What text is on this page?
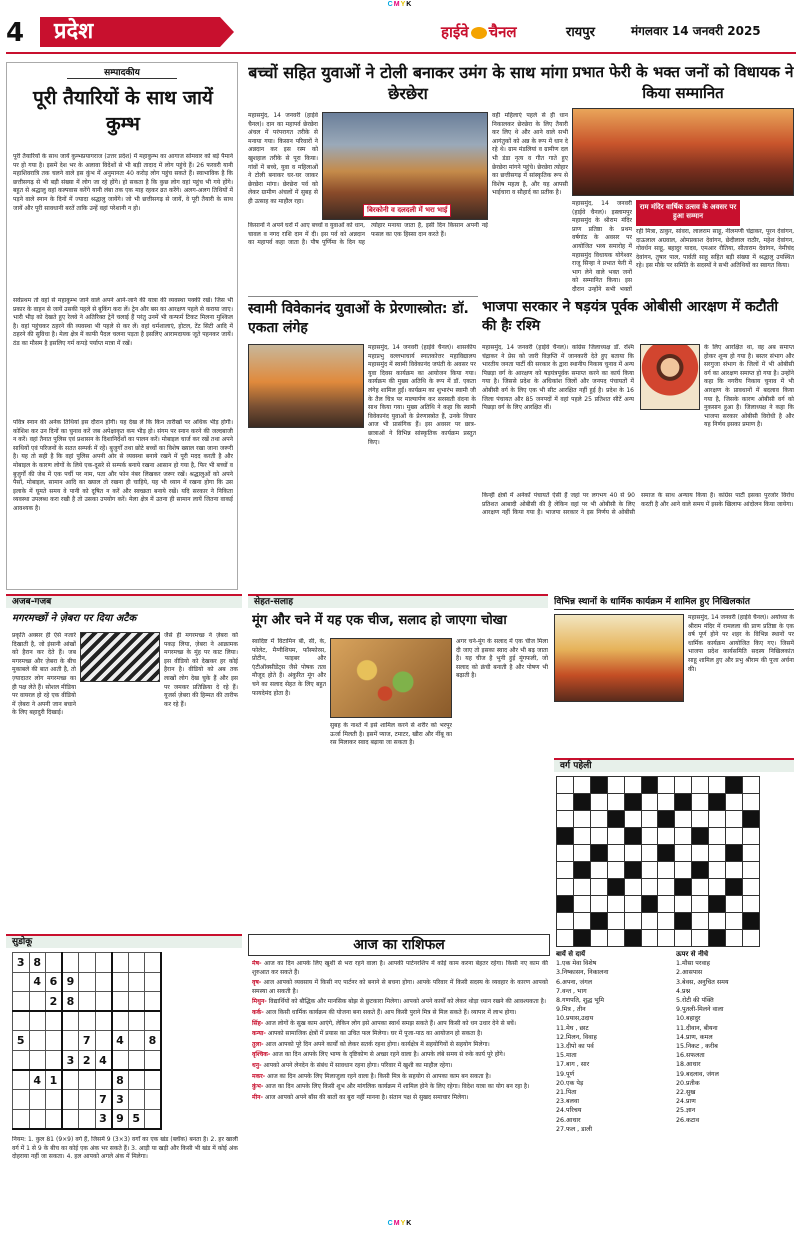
CMYK
4	प्रदेश	हाईवे चैनल	रायपुर	मंगलवार 14 जनवरी 2025
सम्पादकीय
पूरी तैयारियों के साथ जायें कुम्भ
पूरी तैयारियों के साथ जायें कुम्भप्रयागराज (उत्तर प्रदेश) में महाकुम्भ का आगाज सोमवार को बड़े पैमाने पर हो गया है। इसमें देश भर के अलावा विदेशों से भी बड़ी तादाद में लोग पहुंचे हैं। 26 फरवरी यानी महाशिवरात्रि तक चलने वाले इस कुंभ में अनुमानतः 40 करोड़ लोग पहुंच सकते हैं। स्वाभाविक है कि छत्तीसगढ़ से भी बड़ी संख्या में लोग जा रहे होंगे। हो सकता है कि कुछ लोग वहां पहुंच भी गये होंगे। बहुत से श्रद्धालु वहां कल्पवास करेंगे यानी लंबा तक एक माह रहकर व्रत करेंगे। अलग-अलग तिथियों में पड़ने वाले स्नान के दिनों में ज्यादा श्रद्धालु जायेंगे। जो भी छत्तीसगढ़ से जायें, वे पूरी तैयारी के साथ जायें और पूरी सावधानी बरतें ताकि उन्हें वहां परेशानी न हो।
सर्वप्रथम तो वहां से महाकुम्भ जाने वाले अपने आने-जाने की यात्रा की व्यवस्था पक्की रखें। जिस भी प्रकार के वाहन से जायें उसकी पहले से बुकिंग करा लें। ट्रेन और बस का आरक्षण पहले से कराया जाए। भारी भीड़ को देखते हुए रेलवे ने अतिरिक्त ट्रेनें चलाई हैं परंतु उनमें भी कन्फर्म टिकट मिलना मुश्किल है। वहां पहुंचकर ठहरने की व्यवस्था भी पहले से कर लें। वहां धर्मशालाएं, होटल, टेंट सिटी आदि में ठहरने की सुविधा है। मेला क्षेत्र में काफी पैदल चलना पड़ता है इसलिए आरामदायक जूते पहनकर जायें। ठंड का मौसम है इसलिए गर्म कपड़े पर्याप्त मात्रा में रखें।
पवित्र स्नान की अनेक तिथियां इस दौरान होंगी। यह देख लें कि किन तारीखों पर अधिक भीड़ होगी। कोशिश कर उन दिनों का चुनाव करें जब अपेक्षाकृत कम भीड़ हो। संगम पर स्नान करने की जल्दबाजी न करें। वहां तैनात पुलिस एवं प्रशासन के दिशानिर्देशों का पालन करें। मोबाइल चार्ज कर रखें तथा अपने साथियों एवं परिजनों के सतत सम्पर्क में रहें। बुजुर्गों तथा छोटे बच्चों का विशेष ख्याल रखा जाना जरूरी है। यह तो सही है कि वहां पुलिस अपनी ओर से व्यवस्था बनाये रखने में पूरी मदद करती है और मोबाइल के कारण लोगों के लिये एक-दूसरे से सम्पर्क बनाये रखना आसान हो गया है, फिर भी बच्चों व बुजुर्गों की जेब में एक पर्ची पर नाम, पता और फोन नंबर लिखकर जरूर रखें। श्रद्धालुओं को अपने पैसों, मोबाइल, सामान आदि का ख्याल तो रखना ही चाहिये, यह भी ध्यान में रखना होगा कि उस इलाके में घूमते समय वे पानी को दूषित न करें और स्वच्छता बनाये रखें। यदि सरकार ने निकिता व्यवस्था उपलब्ध करा रखी है तो उसका उपयोग करें। मेला क्षेत्र में उतना ही सामान लायें जितना वाकई आवश्यक है।
बच्चों सहित युवाओं ने टोली बनाकर उमंग के साथ मांगा छेरछेरा
महासमुंद, 14 जनवरी (हाईवे चैनल)। दान का महापर्व छेरछेरा अंचल में परंपरागत तरीके से मनाया गया। किसान परिवारों ने अन्नदान कर इस रस्म को खुशहाल तरीके से पूरा किया। गांवों में बच्चे, युवा व महिलाओं ने टोली बनाकर घर-घर जाकर छेरछेरा मांगा। छेरछेरा पर्व को लेकर ग्रामीण अंचलों में सुबह से ही उत्साह का माहौल रहा।
बिरकोनी व दलदली में भरा भाई
किसानों ने अपने घरों में आए बच्चों व युवाओं को धान, चावल व नगद राशि दान में दी। इस पर्व को अन्नदान का महापर्व कहा जाता है। पौष पूर्णिमा के दिन यह त्योहार मनाया जाता है, इसी दिन किसान अपनी नई फसल का एक हिस्सा दान करते हैं।
वही महिलाएं पहले से ही धान निकालकर छेरछेरा के लिए तैयारी कर लिए थे और आने वाले सभी आगंतुकों को अन्न के रूप में धान दे रहे थे। ग्राम मंडलियां व ग्रामीण दल भी डंडा नृत्य व गीत गाते हुए छेरछेरा मांगने पहुंचे। छेरछेरा त्योहार का छत्तीसगढ़ में सांस्कृतिक रूप से विशेष महत्व है, और यह आपसी भाईचारा व सौहार्द का प्रतीक है।
प्रभात फेरी के भक्त जनों को विधायक ने किया सम्मानित
महासमुंद, 14 जनवरी (हाईवे चैनल)। इस्लामपुर महासमुंद के श्रीराम मंदिर प्राण प्रतिष्ठा के प्रथम वर्षगांठ के अवसर पर आयोजित भव्य समारोह में महासमुंद विधायक योगेश्वर राजू सिन्हा ने प्रभात फेरी में भाग लेने वाले भक्त जनों को सम्मानित किया। इस दौरान उन्होंने सभी भक्तों
राम मंदिर वार्षिक उत्सव के अवसर पर हुआ सम्मान
रही मित्रा, ठाकुर, सांवरा, लालराम साहू, नीलमणी चंद्राकर, पूरन देवांगन, दाऊलाल अग्रवाल, ओमप्रकाश देवांगन, छेदीलाल राठौर, महेश देवांगन, गोवर्धन साहू, बहादुर यादव, एमआर रौतिया, सीताराम देवांगन, नेमीचंद देवांगन, तुषार पाल, पार्वती साहू सहित बड़ी संख्या में श्रद्धालु उपस्थित रहे। इस मौके पर समिति के सदस्यों ने सभी अतिथियों का स्वागत किया।
स्वामी विवेकानंद युवाओं के प्रेरणास्त्रोत: डॉ. एकता लंगेह
महासमुंद, 14 जनवरी (हाईवे चैनल)। शासकीय महाप्रभु वल्लभाचार्य स्नातकोत्तर महाविद्यालय महासमुंद में स्वामी विवेकानंद जयंती के अवसर पर युवा दिवस कार्यक्रम का आयोजन किया गया। कार्यक्रम की मुख्य अतिथि के रूप में डॉ. एकता लंगेह शामिल हुईं। कार्यक्रम का शुभारंभ स्वामी जी के तैल चित्र पर माल्यार्पण कर सरस्वती वंदना के साथ किया गया। मुख्य अतिथि ने कहा कि स्वामी विवेकानंद युवाओं के प्रेरणास्त्रोत हैं, उनके विचार आज भी प्रासंगिक हैं। इस अवसर पर छात्र-छात्राओं ने विभिन्न सांस्कृतिक कार्यक्रम प्रस्तुत किए।
भाजपा सरकार ने षड़यंत्र पूर्वक ओबीसी आरक्षण में कटौती की हैः रश्मि
महासमुंद, 14 जनवरी (हाईवे चैनल)। कांग्रेस जिलाध्यक्ष डॉ. रश्मि चंद्राकर ने प्रेस को जारी विज्ञप्ति में जानकारी देते हुए बताया कि भारतीय जनता पार्टी की सरकार के द्वारा स्थानीय निकाय चुनाव में अन्य पिछड़ा वर्ग के आरक्षण को षड़यंत्रपूर्वक समाप्त करने का कार्य किया गया है। जिससे प्रदेश के अधिकांश जिलों और जनपद पंचायतों में ओबीसी वर्ग के लिए एक भी सीट आरक्षित नहीं हुई है। प्रदेश के 16 जिला पंचायत और 85 जनपदों में वहां पहले 25 प्रतिशत सीटें अन्य पिछड़ा वर्ग के लिए आरक्षित थीं।
के लिए आरक्षित था, वह अब समाप्त होकर शून्य हो गया है। बस्तर संभाग और सरगुजा संभाग के जिलों में भी ओबीसी वर्ग का आरक्षण समाप्त हो गया है। उन्होंने कहा कि नगरीय निकाय चुनाव में भी आरक्षण के प्रावधानों में बदलाव किया गया है, जिसके कारण ओबीसी वर्ग को नुकसान हुआ है। जिलाध्यक्ष ने कहा कि भाजपा सरकार ओबीसी विरोधी है और यह निर्णय इसका प्रमाण है।
किन्हीं क्षेत्रों में अनेकों पंचायतें ऐसी हैं जहां पर लगभग 40 से 90 प्रतिशत आबादी ओबीसी की है लेकिन वहां पर भी ओबीसी के लिए आरक्षण नहीं किया गया है। भाजपा सरकार ने इस निर्णय से ओबीसी समाज के साथ अन्याय किया है। कांग्रेस पार्टी इसका पुरजोर विरोध करती है और आने वाले समय में इसके खिलाफ आंदोलन किया जायेगा।
अजब-गजब
मगरमच्छों ने ज़ेबरा पर दिया अटैक
प्रकृति अक्सर ही ऐसे नजारे दिखाती है, जो इंसानी आंखों को हैरान कर देते हैं। जब मगरमच्छ और ज़ेबरा के बीच मुकाबले की बात आती है, तो ज़्यादातर लोग मगरमच्छ का ही पक्ष लेते हैं। सोशल मीडिया पर वायरल हो रहे एक वीडियो में ज़ेबरा ने अपनी जान बचाने के लिए बहादुरी दिखाई।
जैसे ही मगरमच्छ ने ज़ेबरा को पकड़ लिया, ज़ेबरा ने आक्रामक मगरमच्छ के मुंह पर काट लिया। इस वीडियो को देखकर हर कोई हैरान है। वीडियो को अब तक लाखों लोग देख चुके हैं और इस पर जमकर प्रतिक्रिया दे रहे हैं। यूजर्स ज़ेबरा की हिम्मत की तारीफ कर रहे हैं।
सेहत-सलाह
मूंग और चने में यह एक चीज, सलाद हो जाएगा चोखा
स्वादिष्ट में विटामिन बी, सी, के, फोलेट, मैग्नीशियम, फॉस्फोरस, प्रोटीन, फाइबर और एंटीऑक्सीडेंट्स जैसे पोषक तत्व मौजूद होते हैं। अंकुरित मूंग और चने का सलाद सेहत के लिए बहुत फायदेमंद होता है।
सुबह के नाश्ते में इसे शामिल करने से शरीर को भरपूर ऊर्जा मिलती है। इसमें प्याज, टमाटर, खीरा और नींबू का रस मिलाकर स्वाद बढ़ाया जा सकता है।
अगर चने-मूंग के सलाद में एक चीज मिला दी जाए तो इसका स्वाद और भी बढ़ जाता है। यह चीज है भुनी हुई मूंगफली, जो सलाद को क्रंची बनाती है और पोषण भी बढ़ाती है।
विभिन्न स्थानों के धार्मिक कार्यक्रम में शामिल हुए निखिलकांत
महासमुंद, 14 जनवरी (हाईवे चैनल)। अयोध्या के श्रीराम मंदिर में रामलला की प्राण प्रतिष्ठा के एक वर्ष पूर्ण होने पर शहर के विभिन्न स्थानों पर धार्मिक कार्यक्रम आयोजित किए गए। जिसमें भाजपा प्रदेश कार्यसमिति सदस्य निखिलकांत साहू शामिल हुए और प्रभु श्रीराम की पूजा अर्चना की।
वर्ग पहेली

बायें से दायें
1.एक मेवा विशेष
3.निष्कासन, निकालना
6.अपना, जंगल
7.वन्त , भाग
8.गणपति, शुद्ध भूमि
9.मित्र , तीन
10.प्रयास,उदाय
11.मेघ , छाट
12.मिलन, विवाह
13.दीपो का पर्व
15.माता
17.बाग , सार
19.पूर्ण
20.एक पेड़
21.पिता
23.बलवा
24.परिचय
26.आधार
27.फल , डाली
ऊपर से नीचे
1.मौसा परवाह
2.आसपास
3.बेवस, अनुचित समय
4.प्रश्न
5.रोटी की पंक्ति
9.पुतली-मिलने वाला
10.बहादुर
11.दीवान, बीयना
14.प्राण, कमल
15.निकट , करीब
16.सफलता
18.आधार
19.बदलाव, जंगल
20.प्रतीक
22.सुख
24.प्राण
25.ज्ञान
26.कटाव
सुडोकू
3	8							
	4	6	9					
		2	8					

5				7		4		8
			3	2	4			
	4	1				8		
					7	3		
					3	9	5	
नियम: 1. कुल 81 (9×9) वर्ग हैं, जिसमें 9 (3×3) वर्गों का एक खंड (ब्लॉक) बनता है। 2. हर खाली वर्ग में 1 से 9 के बीच का कोई एक अंक भर सकते हैं। 3. आड़ी या खड़ी और किसी भी खंड में कोई अंक दोहराया नहीं जा सकता। 4. हल आपको अगले अंक में मिलेगा।
आज का राशिफल
मेष- आज का दिन आपके लिए खुशी से भरा रहने वाला है। आपकी पार्टनरशिप में कोई काम करना बेहतर रहेगा। किसी नए काम की शुरुआत कर सकते हैं।
वृष- आज आपको व्यवसाय में किसी नए पार्टनर को बनाने से बचना होगा। आपके परिवार में किसी सदस्य के व्यवहार के कारण आपको समस्या आ सकती है।
मिथुन- विद्यार्थियों को बौद्धिक और मानसिक बोझ से छुटकारा मिलेगा। आपको अपने कार्यों को लेकर थोड़ा ध्यान रखने की आवश्यकता है।
कर्क- आज किसी धार्मिक कार्यक्रम की योजना बना सकते हैं। आप किसी पुराने मित्र से मिल सकते हैं। व्यापार में लाभ होगा।
सिंह- आज लोगों के सुख काम आएंगे, लेकिन लोग इसे आपका स्वार्थ समझ सकते हैं। आप किसी को धन उधार देने से बचें।
कन्या- आपको सामाजिक क्षेत्रों में प्रयास का उचित फल मिलेगा। घर में पूजा-पाठ का आयोजन हो सकता है।
तुला- आज आपको पूरे दिन अपने कार्यों को लेकर सतर्क रहना होगा। कार्यक्षेत्र में सहयोगियों से सहयोग मिलेगा।
वृश्चिक- आज का दिन आपके लिए भाग्य के दृष्टिकोण से अच्छा रहने वाला है। आपके लंबे समय से रुके कार्य पूरे होंगे।
धनु- आपको अपने लेनदेन के संबंध में सावधान रहना होगा। परिवार में खुशी का माहौल रहेगा।
मकर- आज का दिन आपके लिए मिलाजुला रहने वाला है। किसी मित्र के सहयोग से आपका काम बन सकता है।
कुंभ- आज का दिन आपके लिए किसी शुभ और मांगलिक कार्यक्रम में शामिल होने के लिए रहेगा। विदेश यात्रा का योग बन रहा है।
मीन- आज आपको अपने बॉस की बातों का बुरा नहीं मानना है। संतान पक्ष से सुखद समाचार मिलेगा।
CMYK
